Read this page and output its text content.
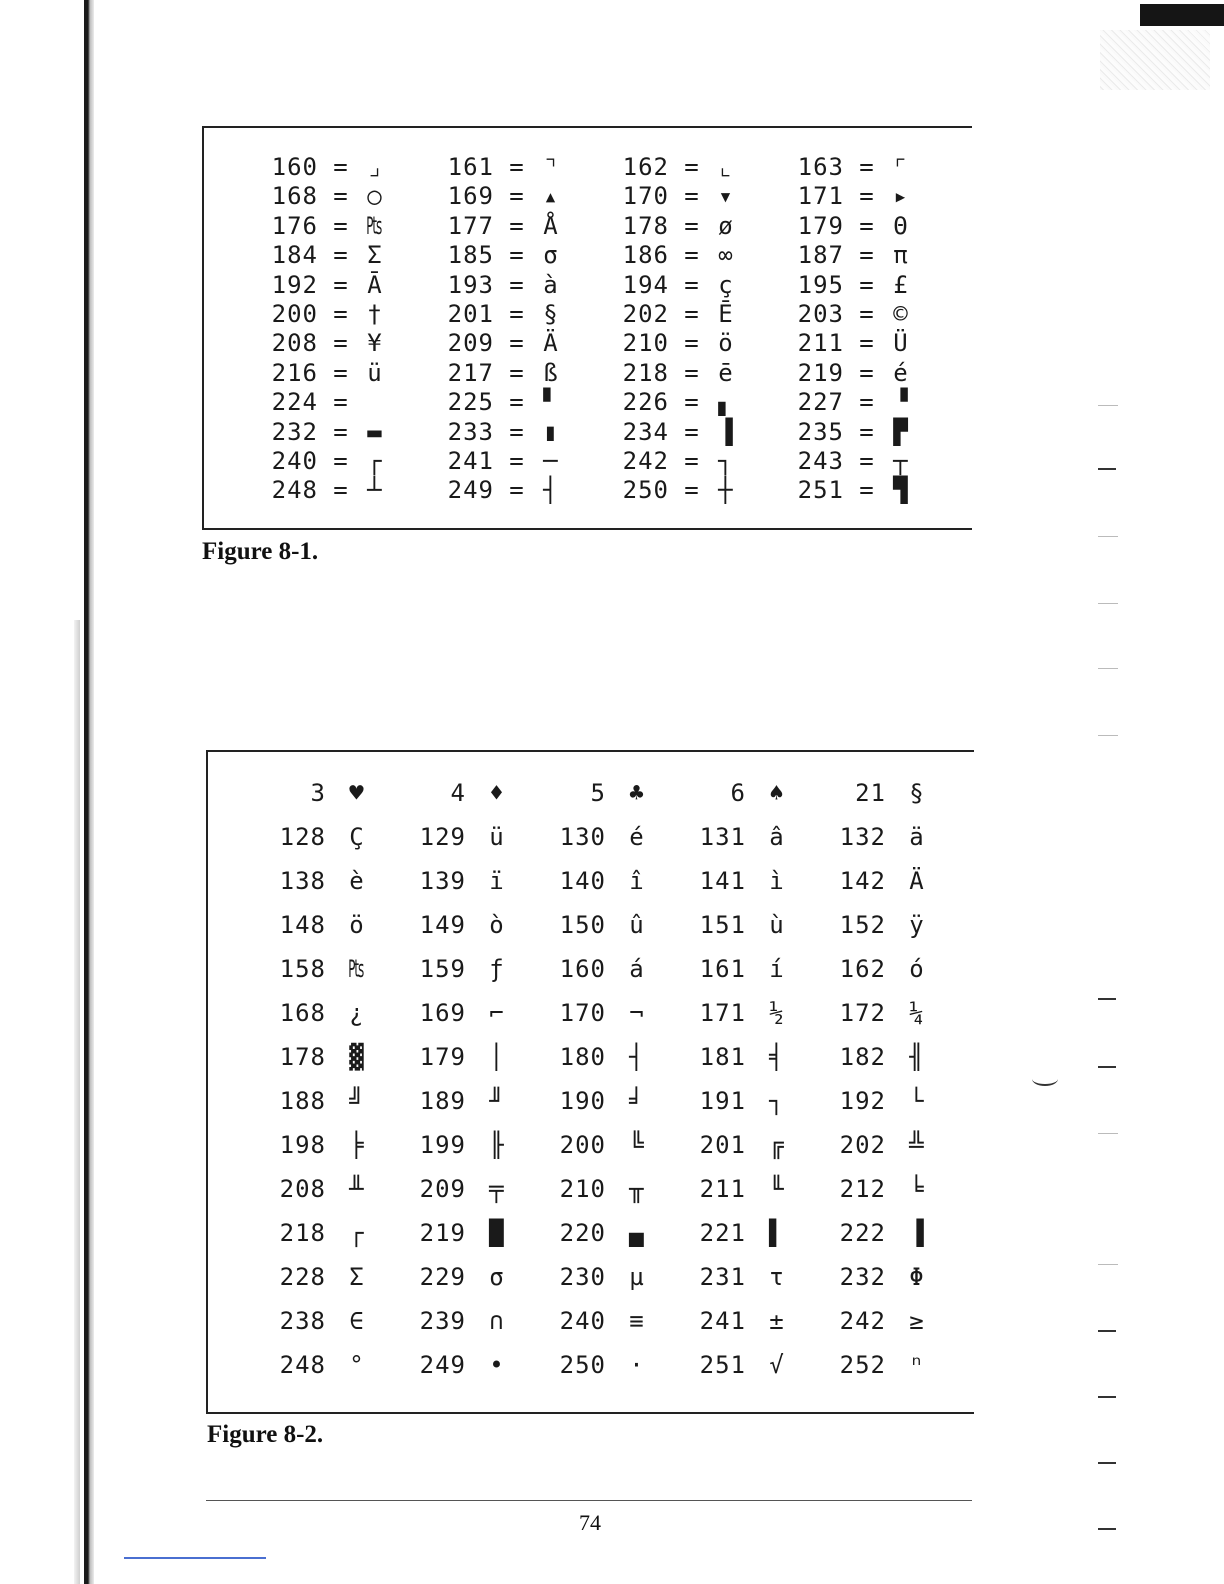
160 = ⌟	161 = ⌝	162 = ⌞	163 = ⌜
168 = ○	169 = ▴	170 = ▾	171 = ▸
176 = ₧	177 = Å	178 = ø	179 = Θ
184 = Σ	185 = σ	186 = ∞	187 = π
192 = Ā	193 = à	194 = ç	195 = £
200 = †	201 = §	202 = Ē	203 = ©
208 = ¥	209 = Ä	210 = ö	211 = Ü
216 = ü	217 = ß	218 = ē	219 = é
224 =	225 = ▘	226 = ▖	227 = ▝
232 = ▬	233 = ▮	234 = ▐	235 = ▛
240 = ┌	241 = ─	242 = ┐	243 = ┬
248 = ┴	249 = ┤	250 = ┼	251 = ▜
Figure 8-1.
3 ♥	4 ♦	5 ♣	6 ♠	21 §
128 Ç	129 ü	130 é	131 â	132 ä
138 è	139 ï	140 î	141 ì	142 Ä
148 ö	149 ò	150 û	151 ù	152 ÿ
158 ₧	159 ƒ	160 á	161 í	162 ó
168 ¿	169 ⌐	170 ¬	171 ½	172 ¼
178 ▓	179 │	180 ┤	181 ╡	182 ╢
188 ╝	189 ╜	190 ╛	191 ┐	192 └
198 ╞	199 ╟	200 ╚	201 ╔	202 ╩
208 ╨	209 ╤	210 ╥	211 ╙	212 ╘
218 ┌	219 █	220 ▄	221 ▌	222 ▐
228 Σ	229 σ	230 µ	231 τ	232 Φ
238 ∈	239 ∩	240 ≡	241 ±	242 ≥
248 °	249 •	250 ·	251 √	252 ⁿ
Figure 8-2.
74
